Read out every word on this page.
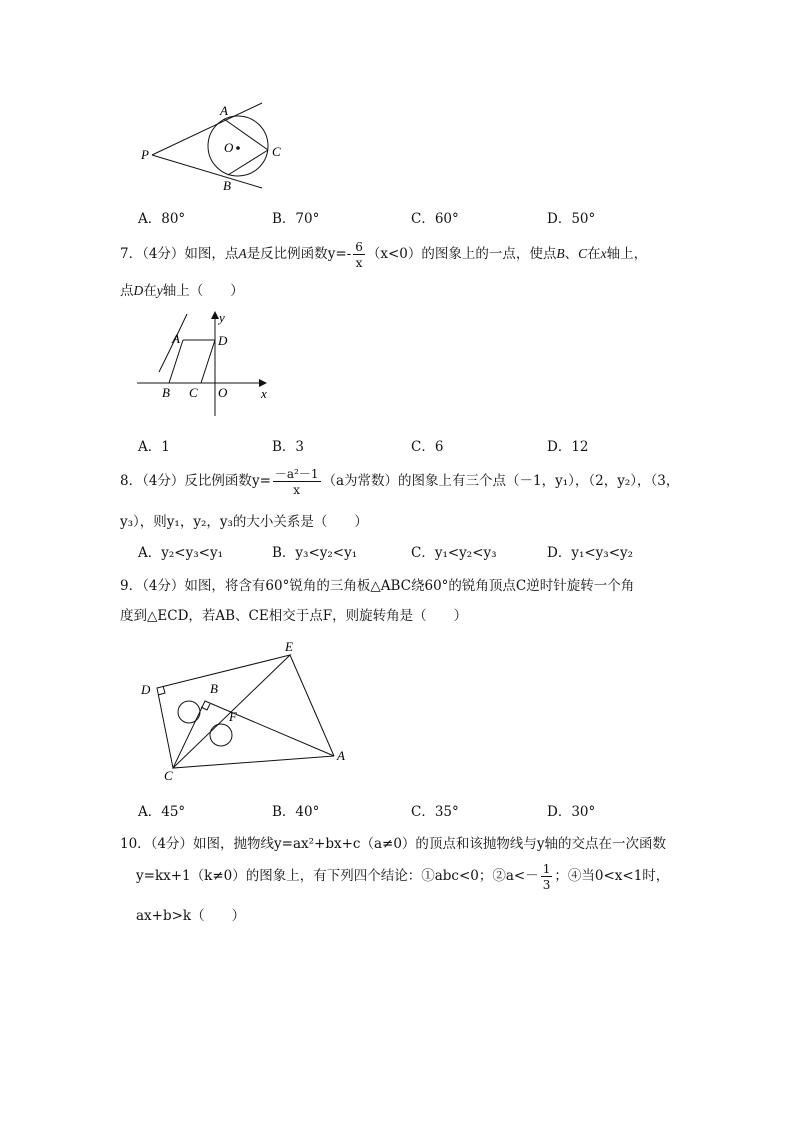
A
P	O	C
B
A．80°	B．70°	C．60°	D．50°
7．（4分）如图，点A是反比例函数$y=- \frac{6}{x} (x<0)$的图象上的一点，使点B、C在x轴上，
点D在y轴上（　　）
y
A	D
B C O	x
A．1	B．3	C．6	D．12
8．（4分）反比例函数$y= \frac{\text{－a²－1}}{x} (a$为常数）的图象上有三个点（－1，y₁），（2，y₂），（3，
y₃），则y₁，y₂，y₃的大小关系是（　　）
A．y₂<y₃<y₁	B．y₃<y₂<y₁	C．y₁<y₂<y₃	D．y₁<y₃<y₂
9．（4分）如图，将含有60°锐角的三角板△ABC绕60°的锐角顶点C逆时针旋转一个角
度到△ECD，若AB、CE相交于点F，则旋转角是（　　）
E
D	B
F
C
A
A．45°	B．40°	C．35°	D．30°
10．（4分）如图，抛物线y=ax²+bx+c（a≠0）的顶点和该抛物线与y轴的交点在一次函数
y=kx+1（k≠0）的图象上，有下列四个结论：①abc<0；②a<－ $\frac{1}{3}$ ；④当0<x<1时，
ax+b>k（　　）
